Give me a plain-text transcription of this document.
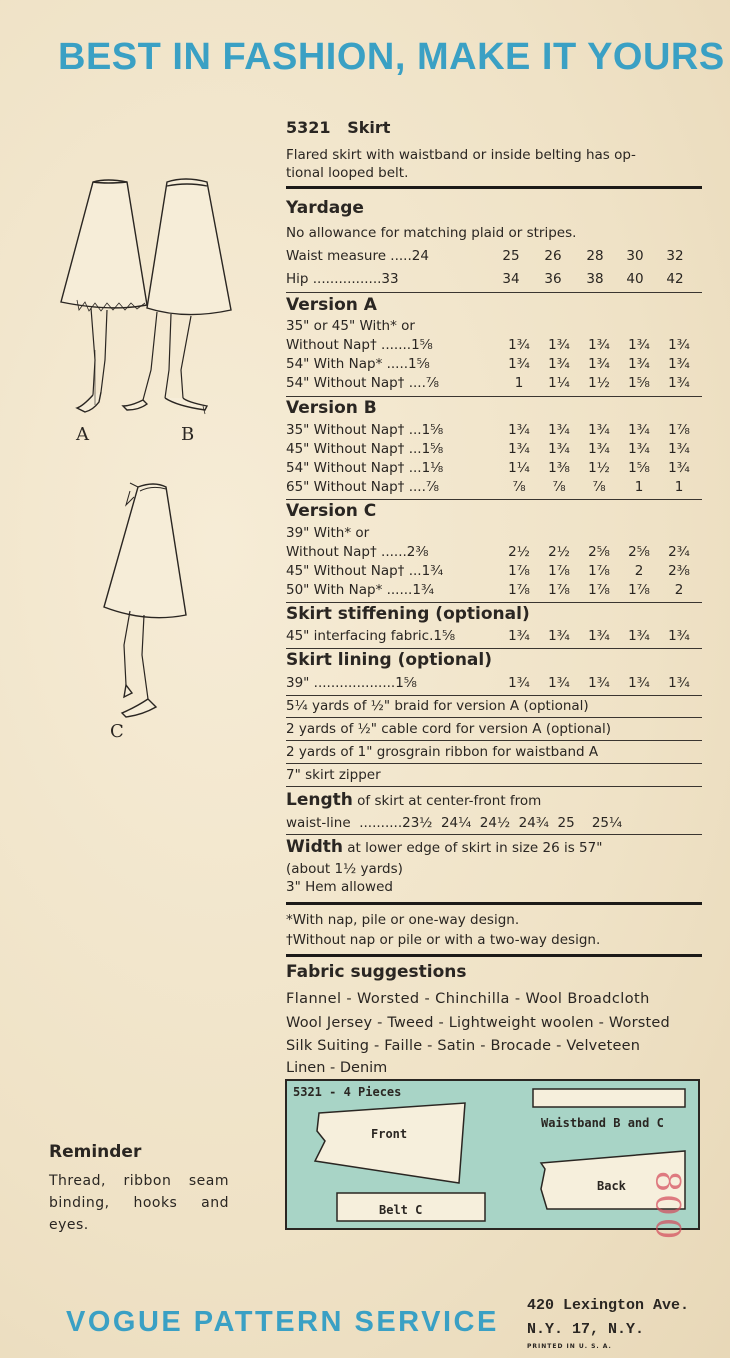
BEST IN FASHION, MAKE IT YOURS
A	B
C
5321   Skirt
Flared skirt with waistband or inside belting has op-
tional looped belt.
Yardage
No allowance for matching plaid or stripes.
Waist measure .....24	25	26	28	30	32
Hip ................33	34	36	38	40	42
Version A
35" or 45" With* or
Without Nap† .......1⅝	1¾	1¾	1¾	1¾	1¾
54" With Nap* .....1⅝	1¾	1¾	1¾	1¾	1¾
54" Without Nap† ....⅞	1	1¼	1½	1⅝	1¾
Version B
35" Without Nap† ...1⅝	1¾	1¾	1¾	1¾	1⅞
45" Without Nap† ...1⅝	1¾	1¾	1¾	1¾	1¾
54" Without Nap† ...1⅛	1¼	1⅜	1½	1⅝	1¾
65" Without Nap† ....⅞	⅞	⅞	⅞	1	1
Version C
39" With* or
Without Nap† ......2⅜	2½	2½	2⅝	2⅝	2¾
45" Without Nap† ...1¾	1⅞	1⅞	1⅞	2	2⅜
50" With Nap* ......1¾	1⅞	1⅞	1⅞	1⅞	2
Skirt stiffening (optional)
45" interfacing fabric.1⅝	1¾	1¾	1¾	1¾	1¾
Skirt lining (optional)
39" ...................1⅝	1¾	1¾	1¾	1¾	1¾
5¼ yards of ½" braid for version A (optional)
2 yards of ½" cable cord for version A (optional)
2 yards of 1" grosgrain ribbon for waistband A
7" skirt zipper
Length of skirt at center-front from
waist-line  ..........23½  24¼  24½  24¾  25    25¼
Width at lower edge of skirt in size 26 is 57"
(about 1½ yards)
3" Hem allowed
*With nap, pile or one-way design.
†Without nap or pile or with a two-way design.
Fabric suggestions
Flannel - Worsted - Chinchilla - Wool Broadcloth
Wool Jersey - Tweed - Lightweight woolen - Worsted
Silk Suiting - Faille - Satin - Brocade - Velveteen
Linen - Denim
Reminder
Thread, ribbon seam binding, hooks and eyes.
5321 - 4 Pieces
Front
Waistband B and C
Back
Belt C	800
VOGUE PATTERN SERVICE
420 Lexington Ave.
N.Y. 17, N.Y.
PRINTED IN U. S. A.
